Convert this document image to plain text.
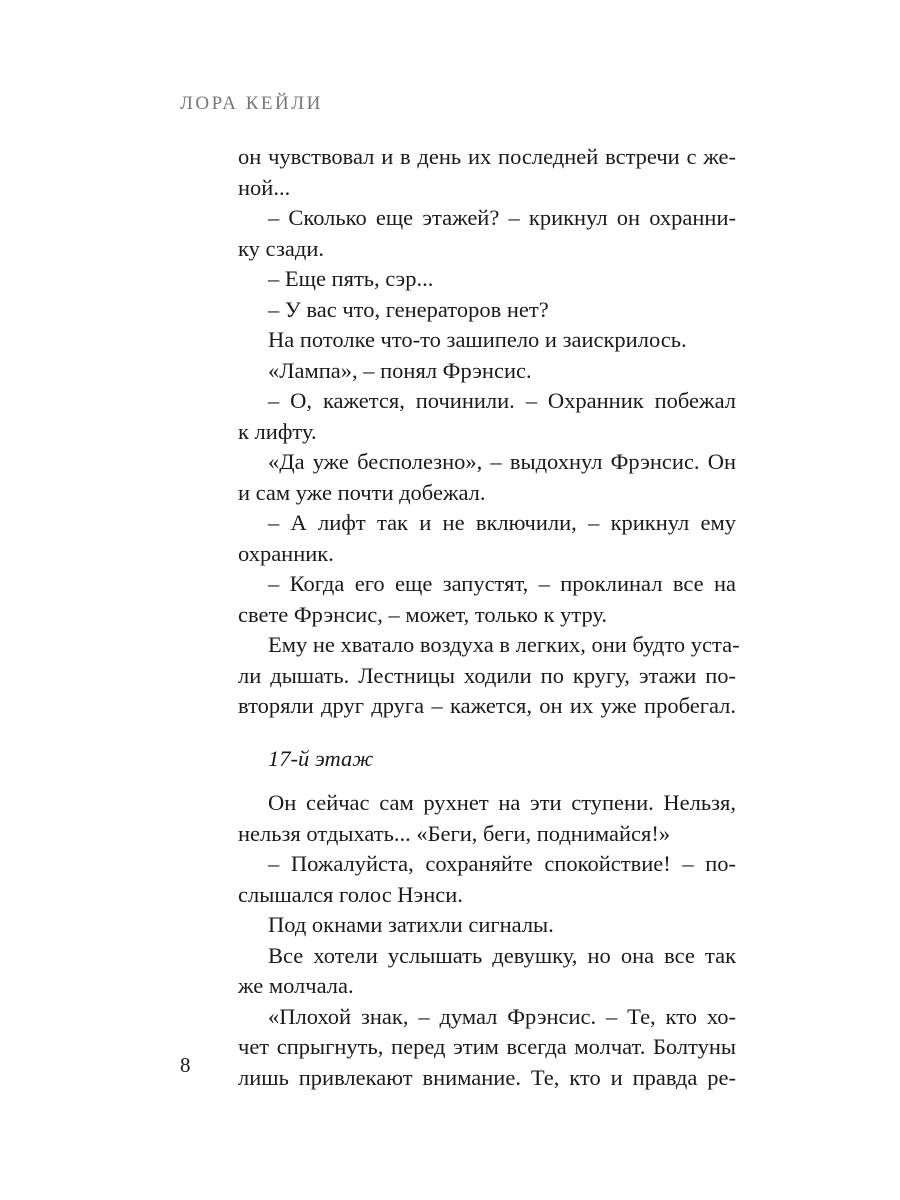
ЛОРА КЕЙЛИ
он чувствовал и в день их последней встречи с же-
ной...
– Сколько еще этажей? – крикнул он охранни-
ку сзади.
– Еще пять, сэр...
– У вас что, генераторов нет?
На потолке что-то зашипело и заискрилось.
«Лампа», – понял Фрэнсис.
– О, кажется, починили. – Охранник побежал
к лифту.
«Да уже бесполезно», – выдохнул Фрэнсис. Он
и сам уже почти добежал.
– А лифт так и не включили, – крикнул ему
охранник.
– Когда его еще запустят, – проклинал все на
свете Фрэнсис, – может, только к утру.
Ему не хватало воздуха в легких, они будто уста-
ли дышать. Лестницы ходили по кругу, этажи по-
вторяли друг друга – кажется, он их уже пробегал.
17-й этаж
Он сейчас сам рухнет на эти ступени. Нельзя,
нельзя отдыхать... «Беги, беги, поднимайся!»
– Пожалуйста, сохраняйте спокойствие! – по-
слышался голос Нэнси.
Под окнами затихли сигналы.
Все хотели услышать девушку, но она все так
же молчала.
«Плохой знак, – думал Фрэнсис. – Те, кто хо-
чет спрыгнуть, перед этим всегда молчат. Болтуны
лишь привлекают внимание. Те, кто и правда ре-
8
